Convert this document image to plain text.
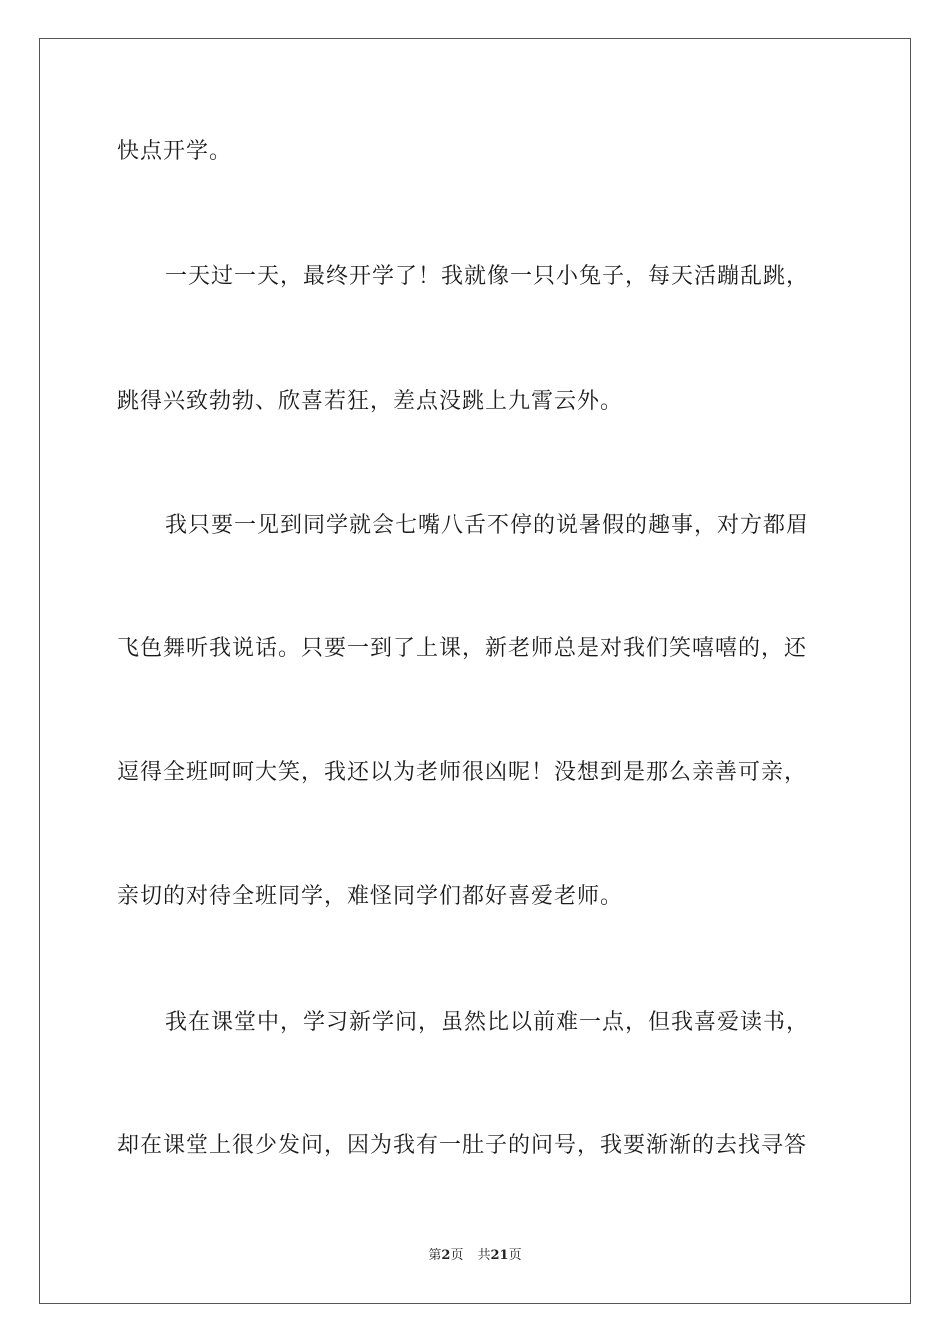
快点开学。
一天过一天，最终开学了！我就像一只小兔子，每天活蹦乱跳，
跳得兴致勃勃、欣喜若狂，差点没跳上九霄云外。
我只要一见到同学就会七嘴八舌不停的说暑假的趣事，对方都眉
飞色舞听我说话。只要一到了上课，新老师总是对我们笑嘻嘻的，还
逗得全班呵呵大笑，我还以为老师很凶呢！没想到是那么亲善可亲，
亲切的对待全班同学，难怪同学们都好喜爱老师。
我在课堂中，学习新学问，虽然比以前难一点，但我喜爱读书，
却在课堂上很少发问，因为我有一肚子的问号，我要渐渐的去找寻答
第2页 共21页
